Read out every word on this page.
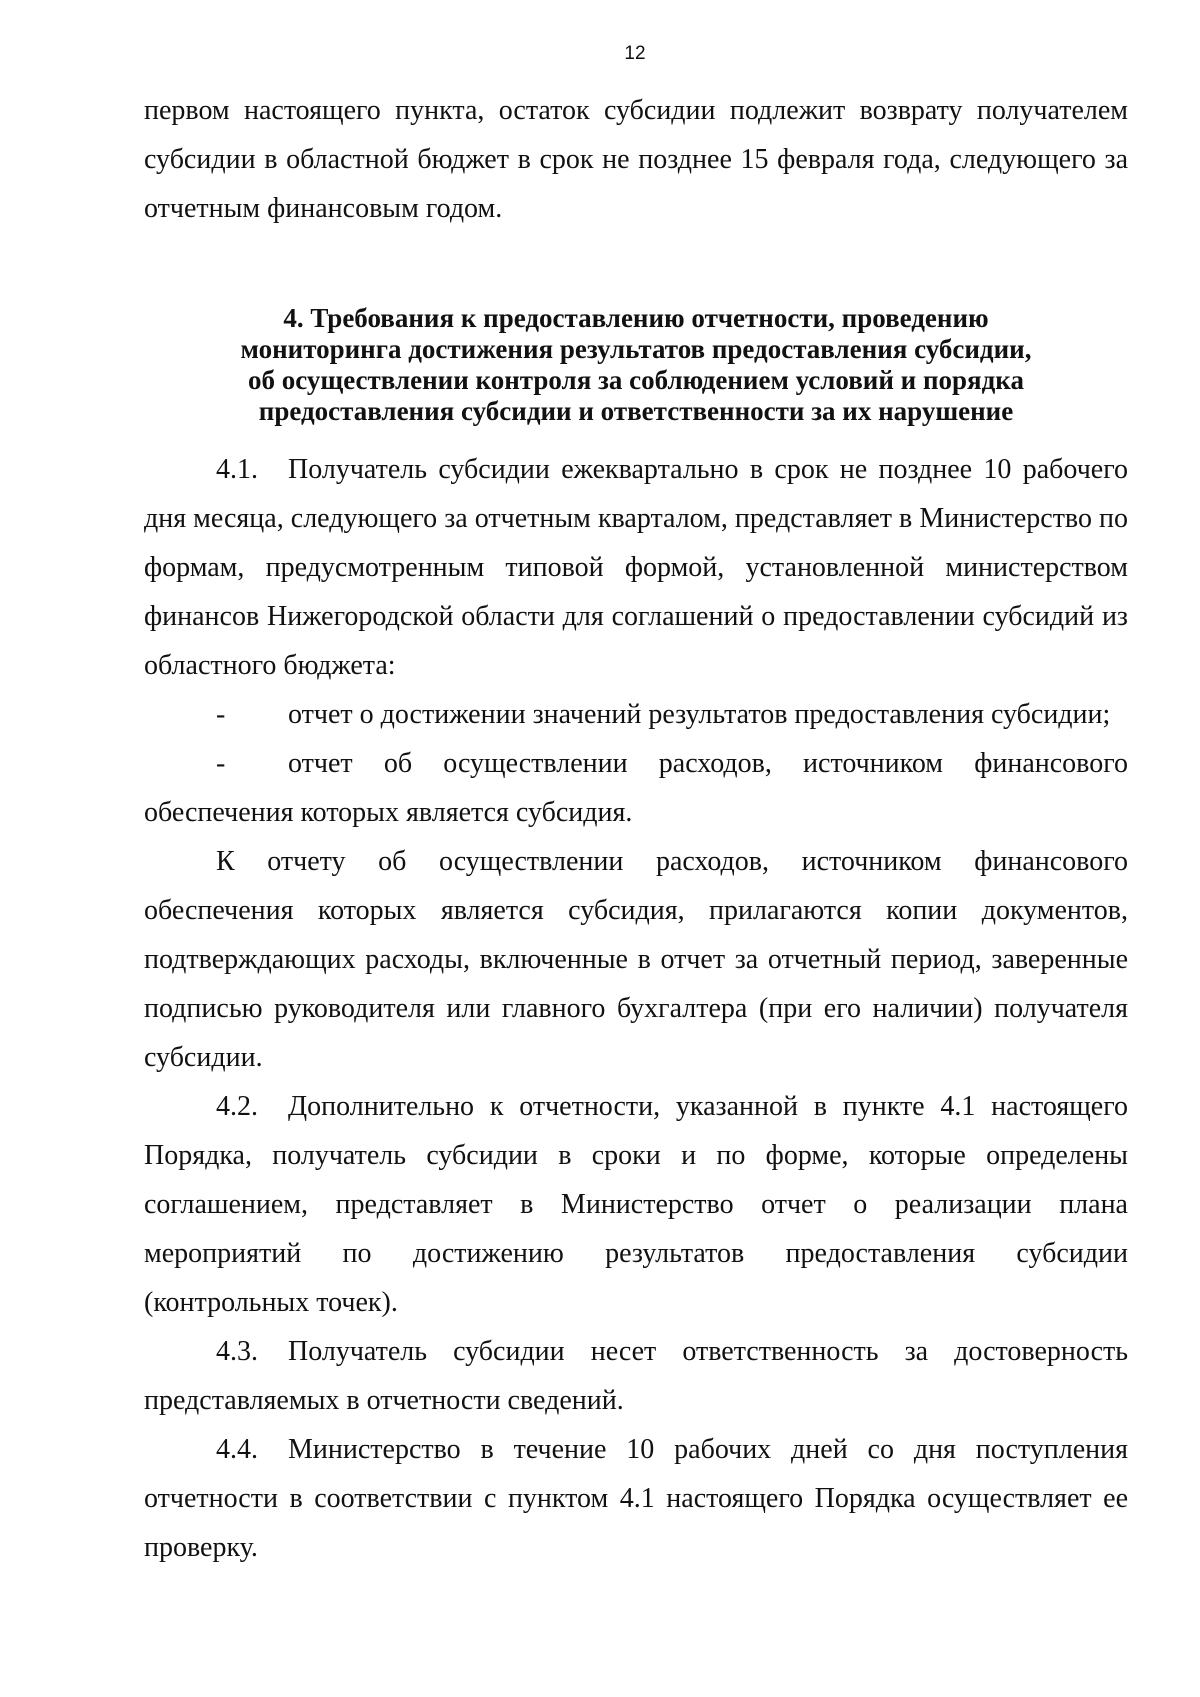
12

первом настоящего пункта, остаток субсидии подлежит возврату получателем субсидии в областной бюджет в срок не позднее 15 февраля года, следующего за отчетным финансовым годом.

4. Требования к предоставлению отчетности, проведению
мониторинга достижения результатов предоставления субсидии,
об осуществлении контроля за соблюдением условий и порядка
предоставления субсидии и ответственности за их нарушение

4.1. Получатель субсидии ежеквартально в срок не позднее 10 рабочего дня месяца, следующего за отчетным кварталом, представляет в Министерство по формам, предусмотренным типовой формой, установленной министерством финансов Нижегородской области для соглашений о предоставлении субсидий из областного бюджета:

- отчет о достижении значений результатов предоставления субсидии;

- отчет об осуществлении расходов, источником финансового обеспечения которых является субсидия.

К отчету об осуществлении расходов, источником финансового обеспечения которых является субсидия, прилагаются копии документов, подтверждающих расходы, включенные в отчет за отчетный период, заверенные подписью руководителя или главного бухгалтера (при его наличии) получателя субсидии.

4.2. Дополнительно к отчетности, указанной в пункте 4.1 настоящего Порядка, получатель субсидии в сроки и по форме, которые определены соглашением, представляет в Министерство отчет о реализации плана мероприятий по достижению результатов предоставления субсидии (контрольных точек).

4.3. Получатель субсидии несет ответственность за достоверность представляемых в отчетности сведений.

4.4. Министерство в течение 10 рабочих дней со дня поступления отчетности в соответствии с пунктом 4.1 настоящего Порядка осуществляет ее проверку.
